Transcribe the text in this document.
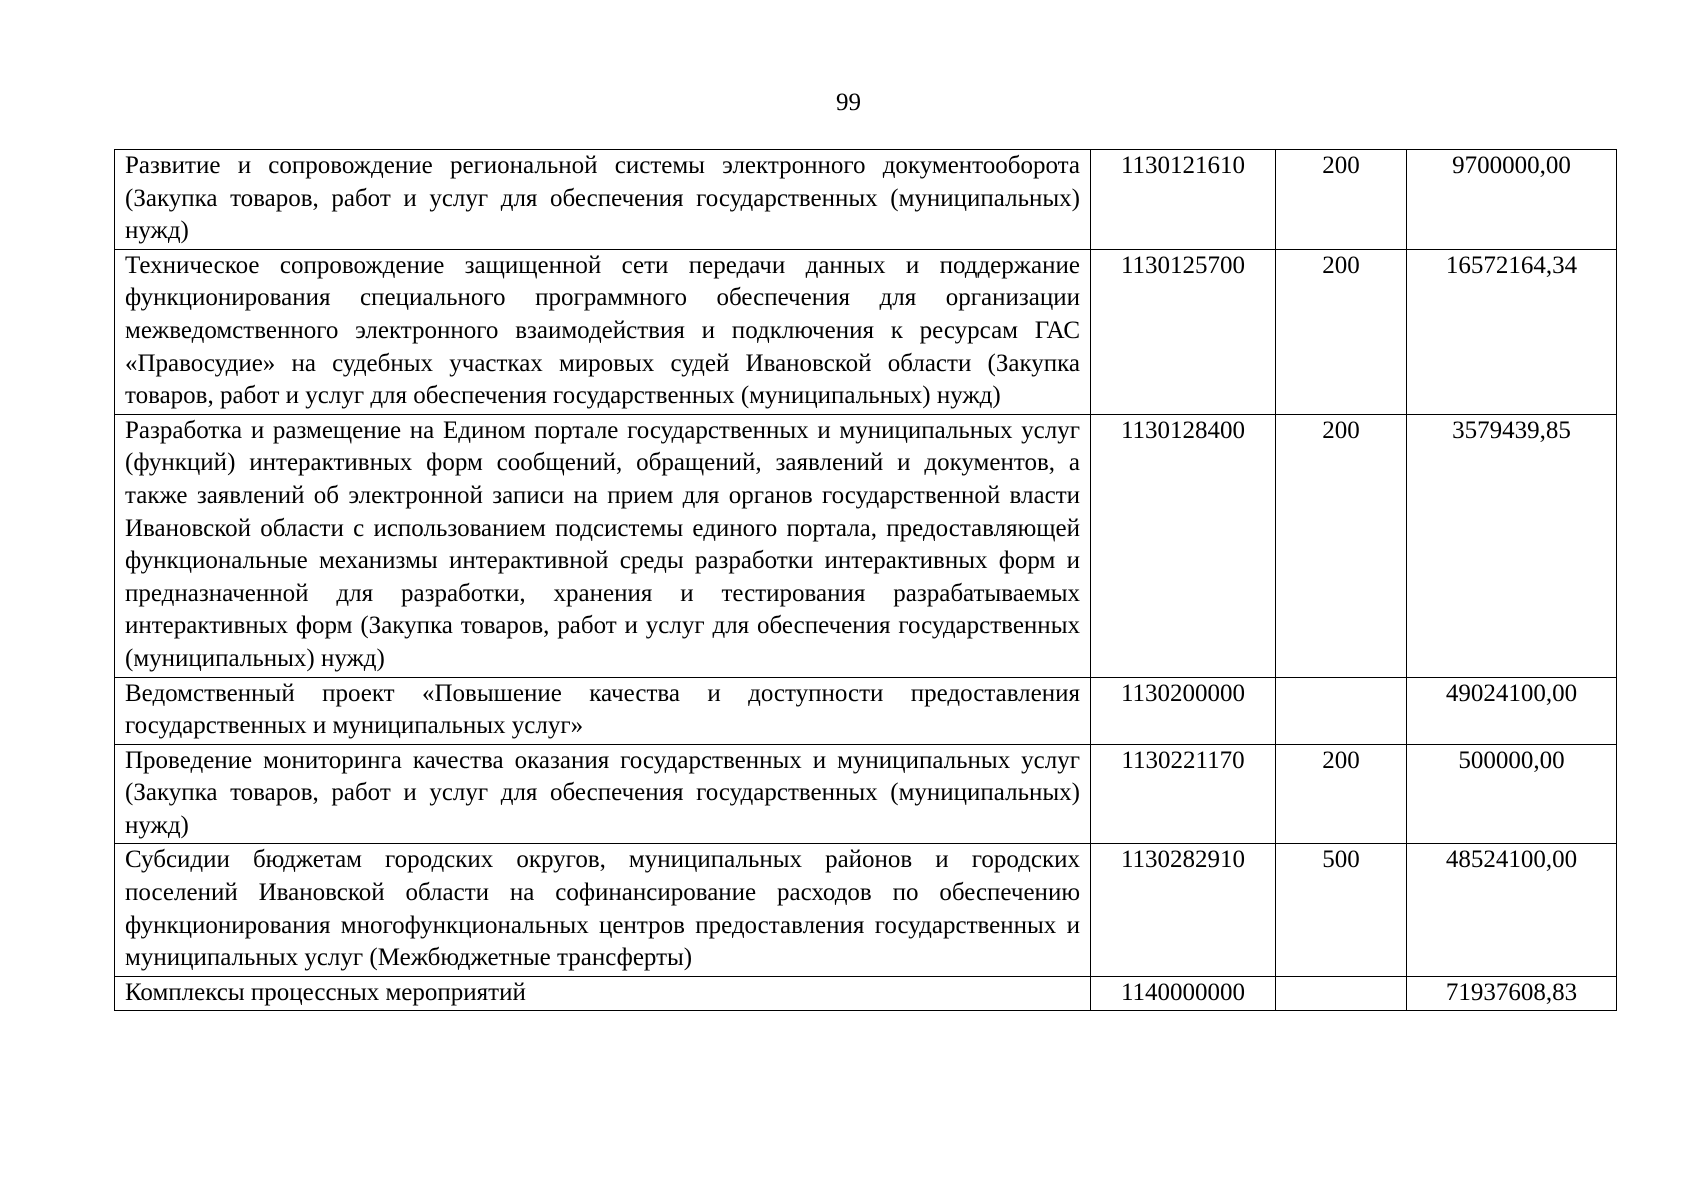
99
Развитие и сопровождение региональной системы электронного документооборота (Закупка товаров, работ и услуг для обеспечения государственных (муниципальных) нужд)	1130121610	200	9700000,00
Техническое сопровождение защищенной сети передачи данных и поддержание функционирования специального программного обеспечения для организации межведомственного электронного взаимодействия и подключения к ресурсам ГАС «Правосудие» на судебных участках мировых судей Ивановской области (Закупка товаров, работ и услуг для обеспечения государственных (муниципальных) нужд)	1130125700	200	16572164,34
Разработка и размещение на Едином портале государственных и муниципальных услуг (функций) интерактивных форм сообщений, обращений, заявлений и документов, а также заявлений об электронной записи на прием для органов государственной власти Ивановской области с использованием подсистемы единого портала, предоставляющей функциональные механизмы интерактивной среды разработки интерактивных форм и предназначенной для разработки, хранения и тестирования разрабатываемых интерактивных форм (Закупка товаров, работ и услуг для обеспечения государственных (муниципальных) нужд)	1130128400	200	3579439,85
Ведомственный проект «Повышение качества и доступности предоставления государственных и муниципальных услуг»	1130200000		49024100,00
Проведение мониторинга качества оказания государственных и муниципальных услуг (Закупка товаров, работ и услуг для обеспечения государственных (муниципальных) нужд)	1130221170	200	500000,00
Субсидии бюджетам городских округов, муниципальных районов и городских поселений Ивановской области на софинансирование расходов по обеспечению функционирования многофункциональных центров предоставления государственных и муниципальных услуг (Межбюджетные трансферты)	1130282910	500	48524100,00
Комплексы процессных мероприятий	1140000000		71937608,83
